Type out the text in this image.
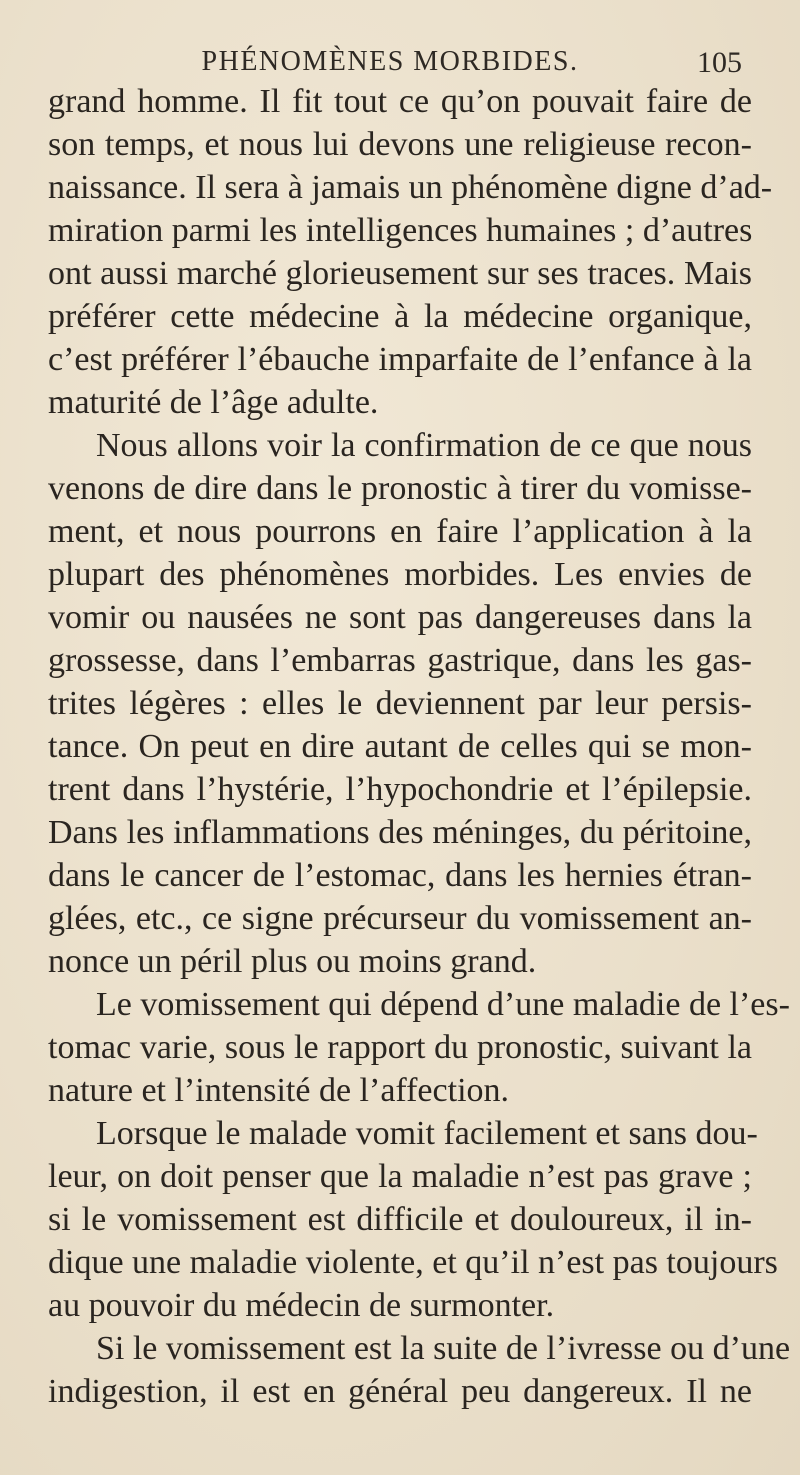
PHÉNOMÈNES MORBIDES.	105
grand homme. Il fit tout ce qu’on pouvait faire de
son temps, et nous lui devons une religieuse recon-
naissance. Il sera à jamais un phénomène digne d’ad-
miration parmi les intelligences humaines ; d’autres
ont aussi marché glorieusement sur ses traces. Mais
préférer cette médecine à la médecine organique,
c’est préférer l’ébauche imparfaite de l’enfance à la
maturité de l’âge adulte.
Nous allons voir la confirmation de ce que nous
venons de dire dans le pronostic à tirer du vomisse-
ment, et nous pourrons en faire l’application à la
plupart des phénomènes morbides. Les envies de
vomir ou nausées ne sont pas dangereuses dans la
grossesse, dans l’embarras gastrique, dans les gas-
trites légères : elles le deviennent par leur persis-
tance. On peut en dire autant de celles qui se mon-
trent dans l’hystérie, l’hypochondrie et l’épilepsie.
Dans les inflammations des méninges, du péritoine,
dans le cancer de l’estomac, dans les hernies étran-
glées, etc., ce signe précurseur du vomissement an-
nonce un péril plus ou moins grand.
Le vomissement qui dépend d’une maladie de l’es-
tomac varie, sous le rapport du pronostic, suivant la
nature et l’intensité de l’affection.
Lorsque le malade vomit facilement et sans dou-
leur, on doit penser que la maladie n’est pas grave ;
si le vomissement est difficile et douloureux, il in-
dique une maladie violente, et qu’il n’est pas toujours
au pouvoir du médecin de surmonter.
Si le vomissement est la suite de l’ivresse ou d’une
indigestion, il est en général peu dangereux. Il ne
